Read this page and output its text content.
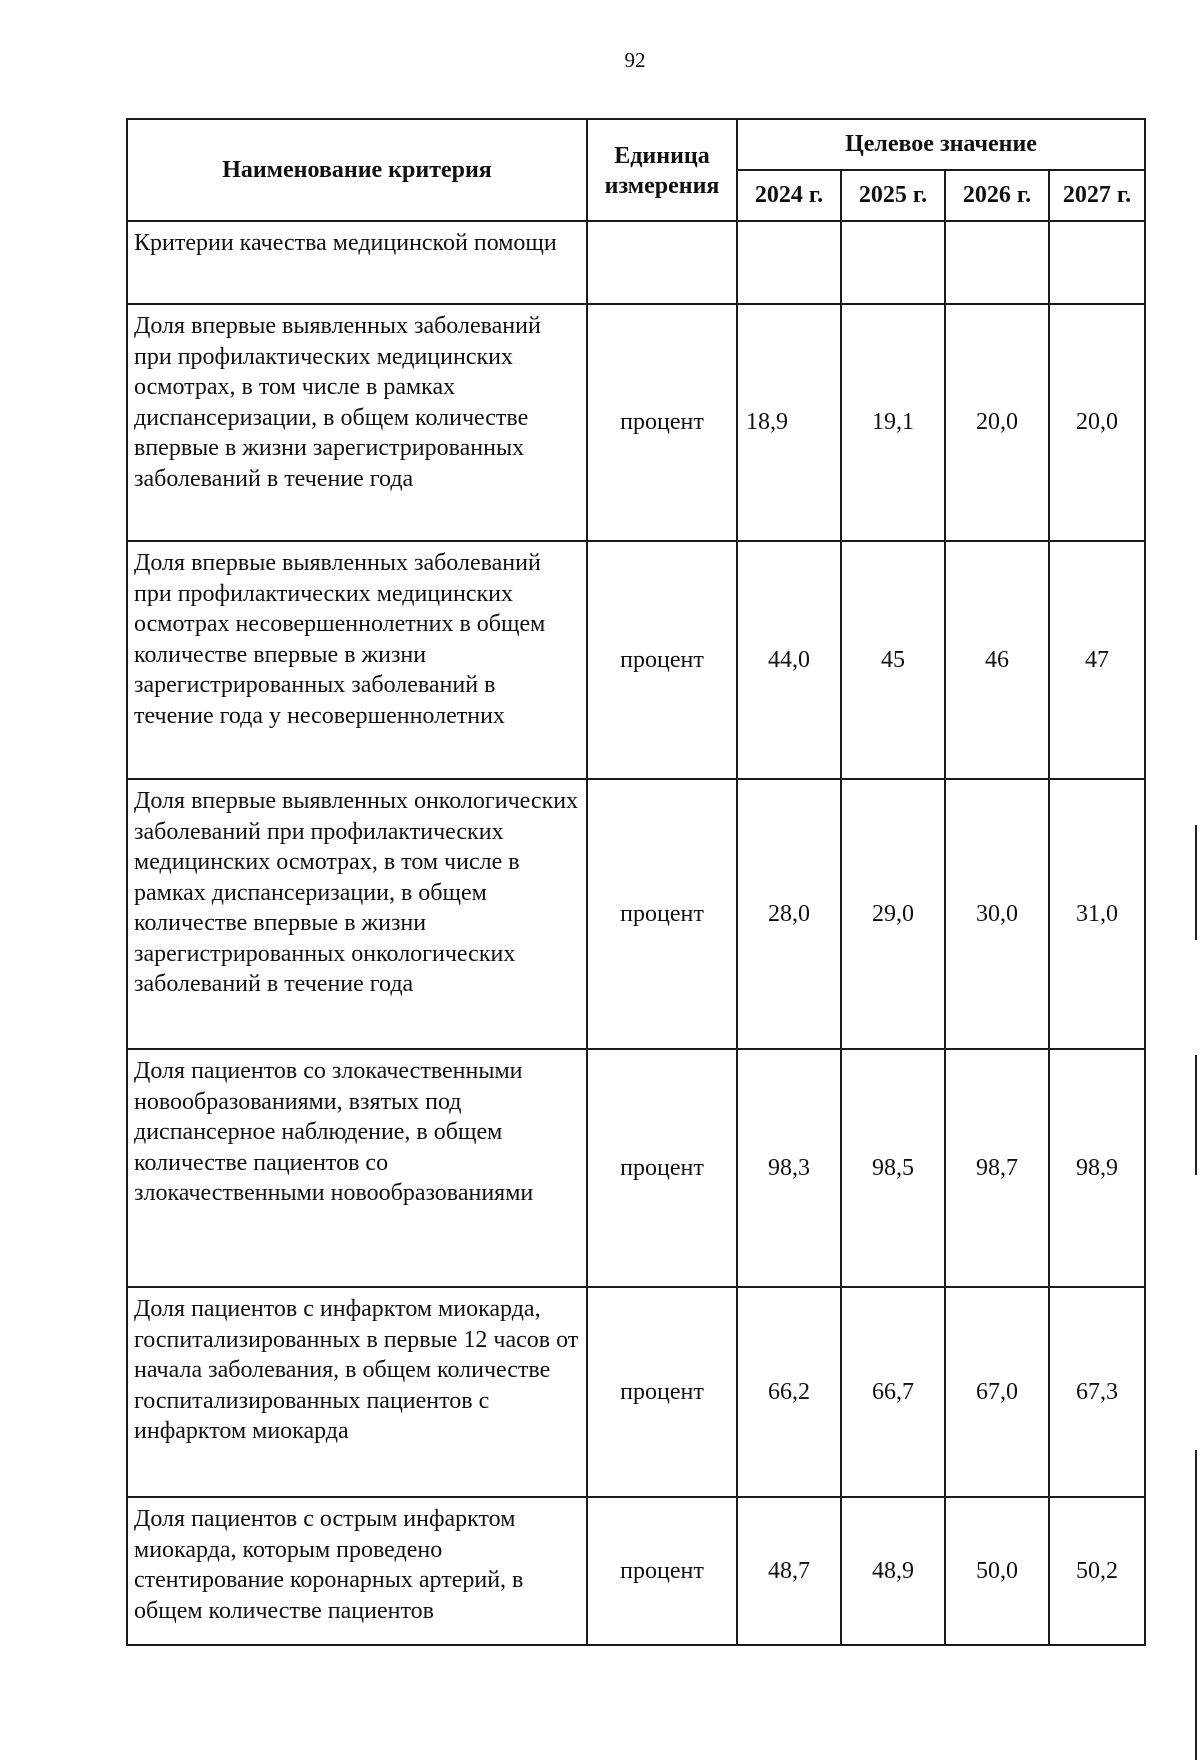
92
Наименование критерия	Единица измерения	Целевое значение			
		2024 г.	2025 г.	2026 г.	2027 г.
Критерии качества медицинской помощи					
Доля впервые выявленных заболеваний при профилактических медицинских осмотрах, в том числе в рамках диспансеризации, в общем количестве впервые в жизни зарегистрированных заболеваний в течение года	процент	18,9	19,1	20,0	20,0
Доля впервые выявленных заболеваний при профилактических медицинских осмотрах несовершеннолетних в общем количестве впервые в жизни зарегистрированных заболеваний в течение года у несовершеннолетних	процент	44,0	45	46	47
Доля впервые выявленных онкологических заболеваний при профилактических медицинских осмотрах, в том числе в рамках диспансеризации, в общем количестве впервые в жизни зарегистрированных онкологических заболеваний в течение года	процент	28,0	29,0	30,0	31,0
Доля пациентов со злокачественными новообразованиями, взятых под диспансерное наблюдение, в общем количестве пациентов со злокачественными новообразованиями	процент	98,3	98,5	98,7	98,9
Доля пациентов с инфарктом миокарда, госпитализированных в первые 12 часов от начала заболевания, в общем количестве госпитализированных пациентов с инфарктом миокарда	процент	66,2	66,7	67,0	67,3
Доля пациентов с острым инфарктом миокарда, которым проведено стентирование коронарных артерий, в общем количестве пациентов	процент	48,7	48,9	50,0	50,2
